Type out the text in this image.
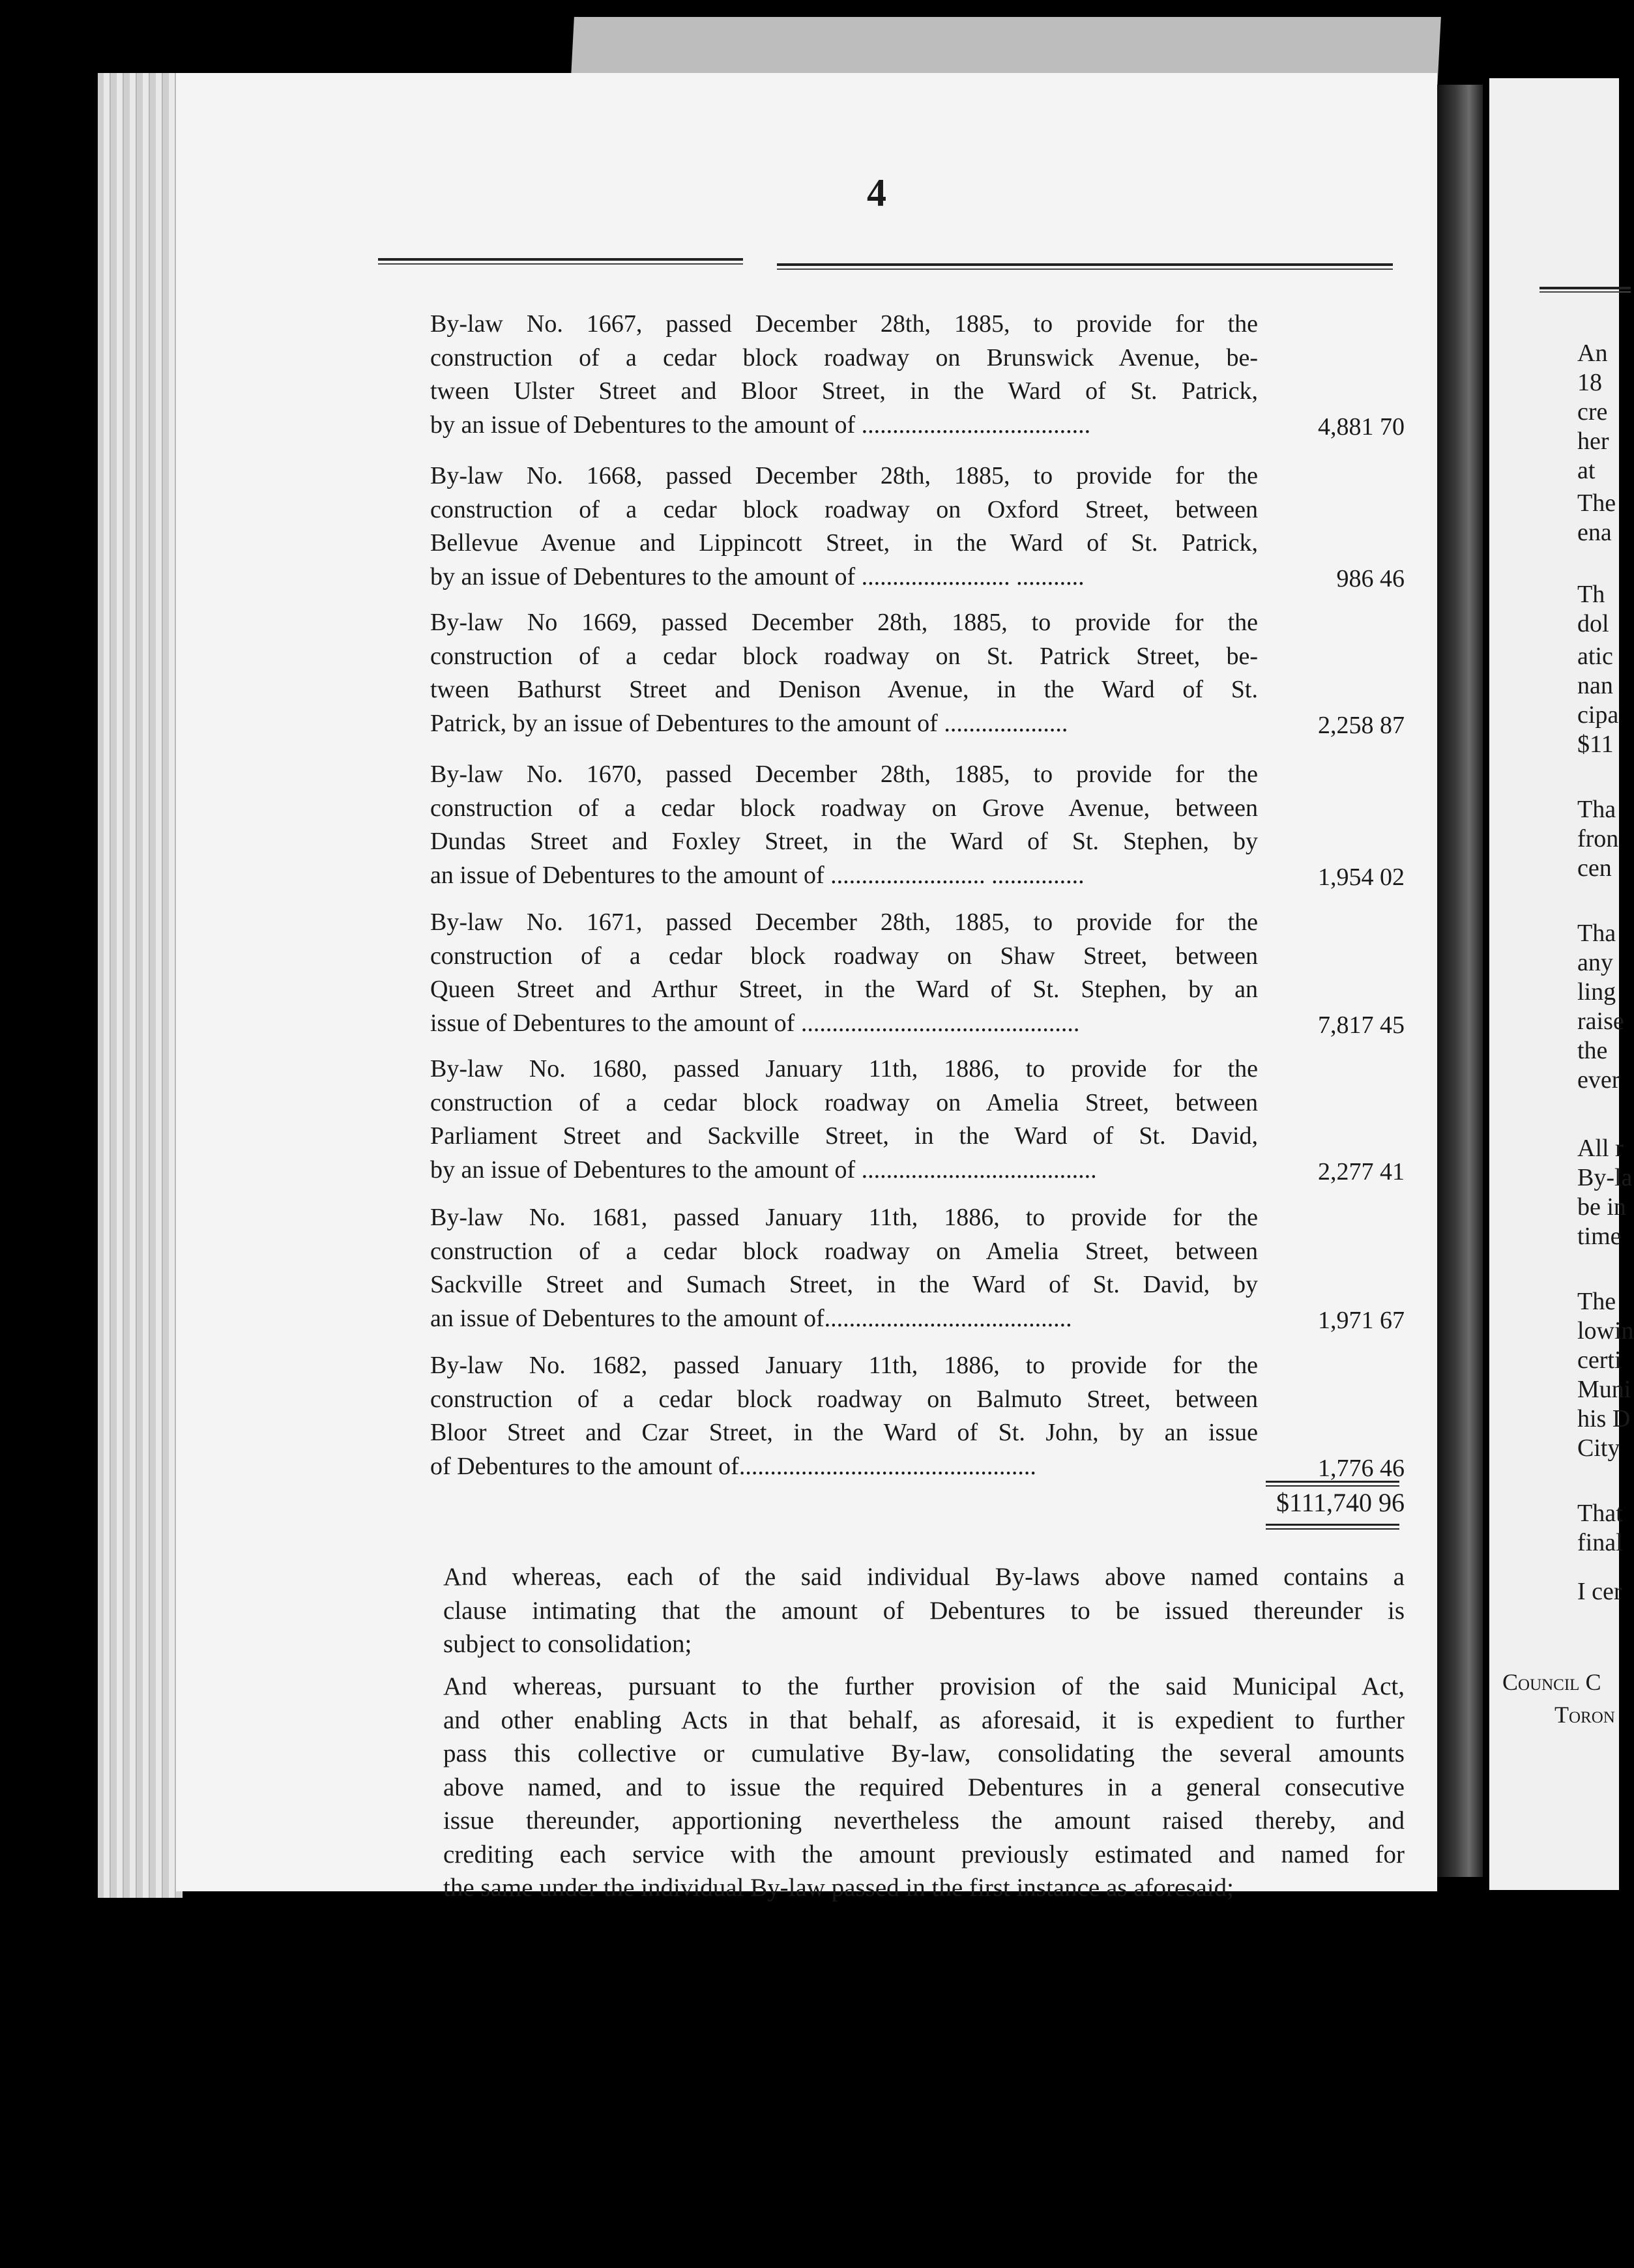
4
By-law No. 1667, passed December 28th, 1885, to provide for the
construction of a cedar block roadway on Brunswick Avenue, be-
tween Ulster Street and Bloor Street, in the Ward of St. Patrick,
by an issue of Debentures to the amount of .....................................	4,881 70
By-law No. 1668, passed December 28th, 1885, to provide for the
construction of a cedar block roadway on Oxford Street, between
Bellevue Avenue and Lippincott Street, in the Ward of St. Patrick,
by an issue of Debentures to the amount of ........................ ...........	986 46
By-law No 1669, passed December 28th, 1885, to provide for the
construction of a cedar block roadway on St. Patrick Street, be-
tween Bathurst Street and Denison Avenue, in the Ward of St.
Patrick, by an issue of Debentures to the amount of ....................	2,258 87
By-law No. 1670, passed December 28th, 1885, to provide for the
construction of a cedar block roadway on Grove Avenue, between
Dundas Street and Foxley Street, in the Ward of St. Stephen, by
an issue of Debentures to the amount of ......................... ...............	1,954 02
By-law No. 1671, passed December 28th, 1885, to provide for the
construction of a cedar block roadway on Shaw Street, between
Queen Street and Arthur Street, in the Ward of St. Stephen, by an
issue of Debentures to the amount of .............................................	7,817 45
By-law No. 1680, passed January 11th, 1886, to provide for the
construction of a cedar block roadway on Amelia Street, between
Parliament Street and Sackville Street, in the Ward of St. David,
by an issue of Debentures to the amount of ......................................	2,277 41
By-law No. 1681, passed January 11th, 1886, to provide for the
construction of a cedar block roadway on Amelia Street, between
Sackville Street and Sumach Street, in the Ward of St. David, by
an issue of Debentures to the amount of........................................	1,971 67
By-law No. 1682, passed January 11th, 1886, to provide for the
construction of a cedar block roadway on Balmuto Street, between
Bloor Street and Czar Street, in the Ward of St. John, by an issue
of Debentures to the amount of................................................	1,776 46
$111,740 96
And whereas, each of the said individual By-laws above named contains a
clause intimating that the amount of Debentures to be issued thereunder is
subject to consolidation;
And whereas, pursuant to the further provision of the said Municipal Act,
and other enabling Acts in that behalf, as aforesaid, it is expedient to further
pass this collective or cumulative By-law, consolidating the several amounts
above named, and to issue the required Debentures in a general consecutive
issue thereunder, apportioning nevertheless the amount raised thereby, and
crediting each service with the amount previously estimated and named for
the same under the individual By-law passed in the first instance as aforesaid;
An
18
cre
her
at
The
ena
Th
dol
atic
nan
cipa
$11
Tha
fron
cen
Tha
any
ling
raise
the
ever
All r
By-la
be in
time
The
lowin
certi
Muni
his D
City
That
final
I cer
Council C
Toron
